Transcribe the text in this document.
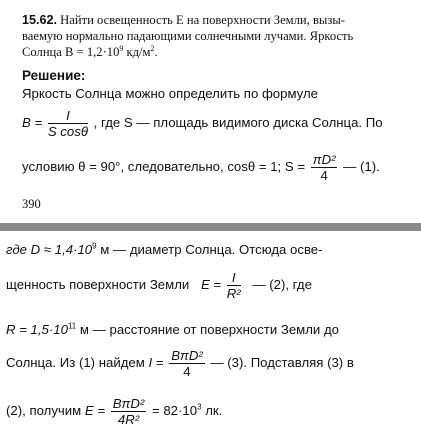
15.62. Найти освещенность E на поверхности Земли, вызы-
ваемую нормально падающими солнечными лучами. Яркость
Солнца $B = 1,2\cdot 10^9$ $кд/м^2$.
Решение:
Яркость Солнца можно определить по формуле
$B = \frac{I}{\text{S cosθ}}$ , где S — площадь видимого диска Солнца. По
условию θ = 90°, следовательно, cosθ = 1; $S = \frac{\text{πD²}}{4}$ — (1).
390
где $D \approx 1,4\cdot 10^9$ м — диаметр Солнца. Отсюда осве-
щенность поверхности Земли $E = \frac{I}{\text{R²}}$ — (2), где
$R = 1,5\cdot 10^{11}$ м — расстояние от поверхности Земли до
Солнца. Из (1) найдем $I = \frac{\text{BπD²}}{4}$ — (3). Подставляя (3) в
(2), получим $E = \frac{\text{BπD²}}{\text{4R²}} = 82\cdot 10^3$ лк.
